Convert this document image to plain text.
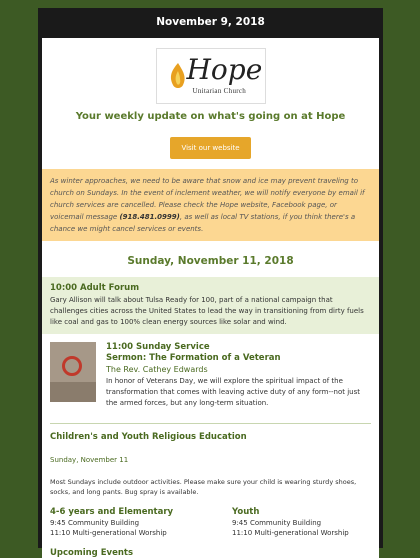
November 9, 2018
Hope
Unitarian Church
Your weekly update on what's going on at Hope
Visit our website
As winter approaches, we need to be aware that snow and ice may prevent traveling to church on Sundays. In the event of inclement weather, we will notify everyone by email if church services are cancelled. Please check the Hope website, Facebook page, or voicemail message (918.481.0999), as well as local TV stations, if you think there's a chance we might cancel services or events.
Sunday, November 11, 2018
10:00 Adult Forum
Gary Allison will talk about Tulsa Ready for 100, part of a national campaign that challenges cities across the United States to lead the way in transitioning from dirty fuels like coal and gas to 100% clean energy sources like solar and wind.
11:00 Sunday Service
Sermon: The Formation of a Veteran
The Rev. Cathey Edwards
In honor of Veterans Day, we will explore the spiritual impact of the transformation that comes with leaving active duty of any form--not just the armed forces, but any long-term situation.
Children's and Youth Religious Education
Sunday, November 11
Most Sundays include outdoor activities. Please make sure your child is wearing sturdy shoes, socks, and long pants. Bug spray is available.
4-6 years and Elementary
9:45 Community Building
11:10 Multi-generational Worship
Youth
9:45 Community Building
11:10 Multi-generational Worship
Upcoming Events
